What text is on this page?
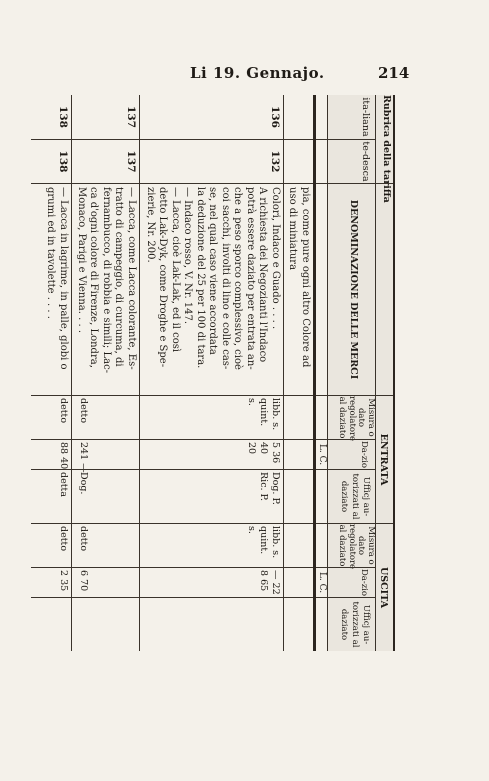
Li 19. Gennajo.	214
Rubrica della tariffa
ENTRATA
USCITA
ita-liana
te-desca
DENOMINAZIONE DELLE MERCI
Misura o dato regolatore al daziato
Da-zio
Ufficj au-torizzati al daziato
Misura o dato regolatore al daziato
Da-zio
Ufficj au-torizzati al daziato
L. C.
L. C.
pia, come pure ogni altro Colore ad
uso di miniatura
136
132
Colori, Indaco e Guado . . . .
A richiesta dei Negozianti l'Indaco
potrà essere daziato per entrata an-
che a peso sporco complessivo, cioè
coi sacchi, involti di lino e colle cas-
se, nel qual caso viene accordata
la deduzione del 25 per 100 di tara.
— Indaco rosso, V. Nr. 147.
— Lacca, cioè Lak-Lak, ed il così
detto Lak-Dyk, come Droghe e Spe-
zierie, Nr. 200.
libb. s. quint. s.
5 36 40 20
Dog. P. Ric. P.
libb. s. quint. s.
— 22 8 65
137
137
— Lacca, come Lacca colorante, Es-
tratto di campeggio, di curcuma, di
fernambucco, di robbia e simili; Lac-
ca d'ogni colore di Firenze, Londra,
Monaco, Parigi e Vienna. . . .
detto
241 —
Dog.
detto
6 70
138
138
— Lacca in lagrime, in palle, globi o
grumi ed in tavolette . . . .
detto
88 40
detta
detto
2 35
